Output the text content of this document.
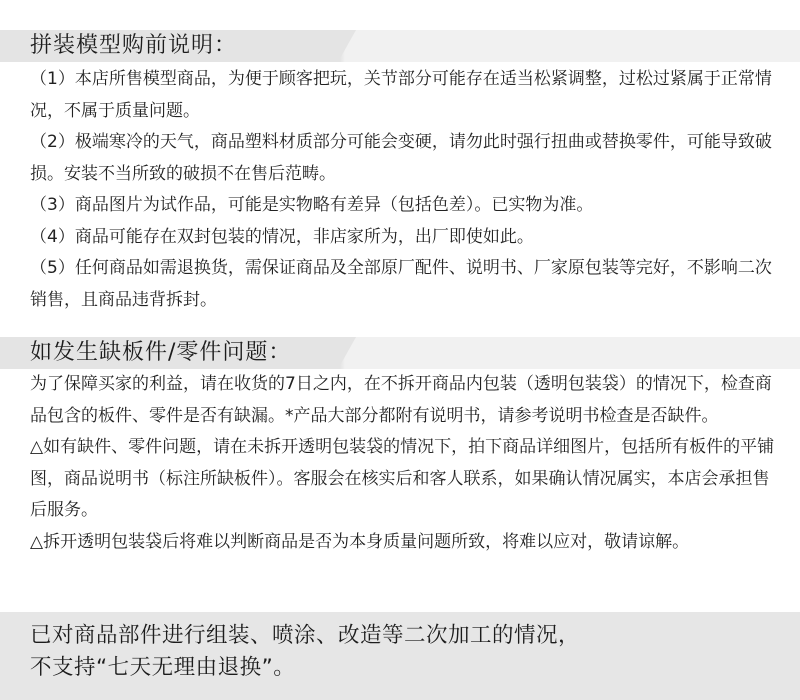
拼装模型购前说明：

（1）本店所售模型商品，为便于顾客把玩，关节部分可能存在适当松紧调整，过松过紧属于正常情况，不属于质量问题。

（2）极端寒冷的天气，商品塑料材质部分可能会变硬，请勿此时强行扭曲或替换零件，可能导致破损。安装不当所致的破损不在售后范畴。

（3）商品图片为试作品，可能是实物略有差异（包括色差）。已实物为准。

（4）商品可能存在双封包装的情况，非店家所为，出厂即使如此。

（5）任何商品如需退换货，需保证商品及全部原厂配件、说明书、厂家原包装等完好，不影响二次销售，且商品违背拆封。

如发生缺板件/零件问题：

为了保障买家的利益，请在收货的7日之内，在不拆开商品内包装（透明包装袋）的情况下，检查商品包含的板件、零件是否有缺漏。*产品大部分都附有说明书，请参考说明书检查是否缺件。

△如有缺件、零件问题，请在未拆开透明包装袋的情况下，拍下商品详细图片，包括所有板件的平铺图，商品说明书（标注所缺板件）。客服会在核实后和客人联系，如果确认情况属实，本店会承担售后服务。

△拆开透明包装袋后将难以判断商品是否为本身质量问题所致，将难以应对，敬请谅解。

已对商品部件进行组装、喷涂、改造等二次加工的情况，

不支持“七天无理由退换”。
